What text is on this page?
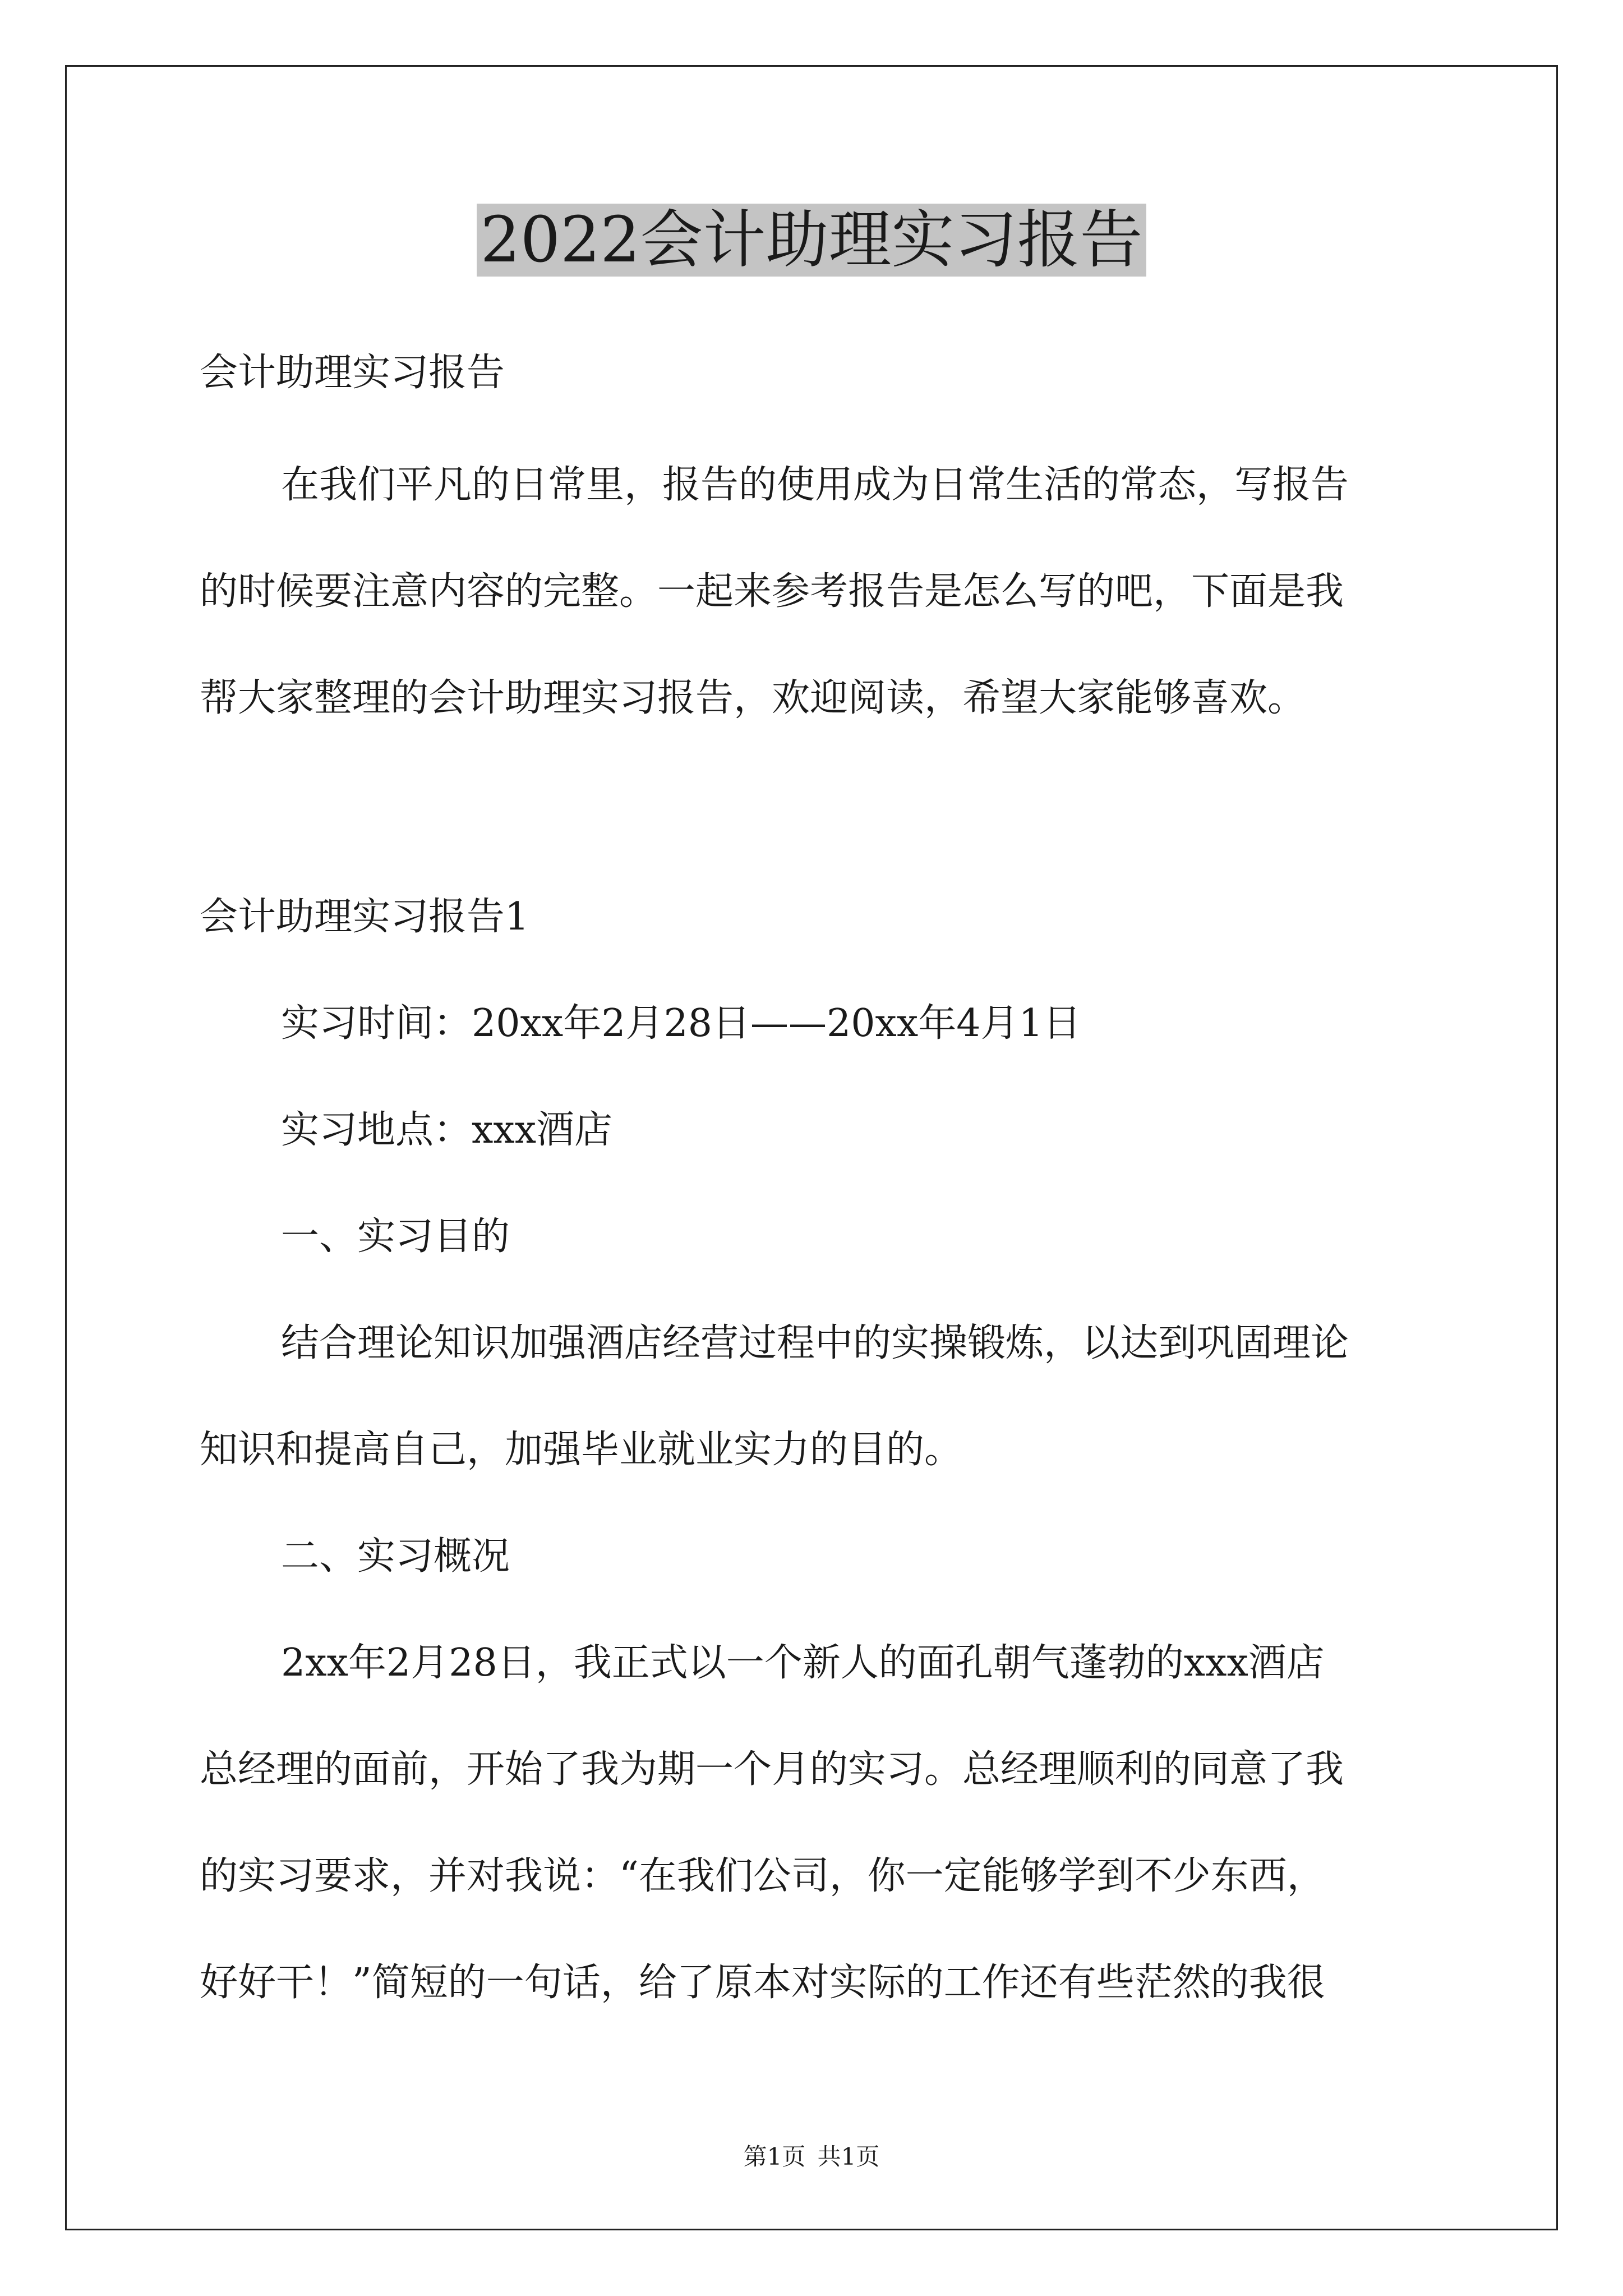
2022会计助理实习报告

会计助理实习报告

在我们平凡的日常里，报告的使用成为日常生活的常态，写报告

的时候要注意内容的完整。一起来参考报告是怎么写的吧，下面是我

帮大家整理的会计助理实习报告，欢迎阅读，希望大家能够喜欢。

会计助理实习报告1

实习时间：20xx年2月28日——20xx年4月1日

实习地点：xxx酒店

一、实习目的

结合理论知识加强酒店经营过程中的实操锻炼，以达到巩固理论

知识和提高自己，加强毕业就业实力的目的。

二、实习概况

2xx年2月28日，我正式以一个新人的面孔朝气蓬勃的xxx酒店

总经理的面前，开始了我为期一个月的实习。总经理顺利的同意了我

的实习要求，并对我说：“在我们公司，你一定能够学到不少东西，

好好干！”简短的一句话，给了原本对实际的工作还有些茫然的我很

第1页 共1页
